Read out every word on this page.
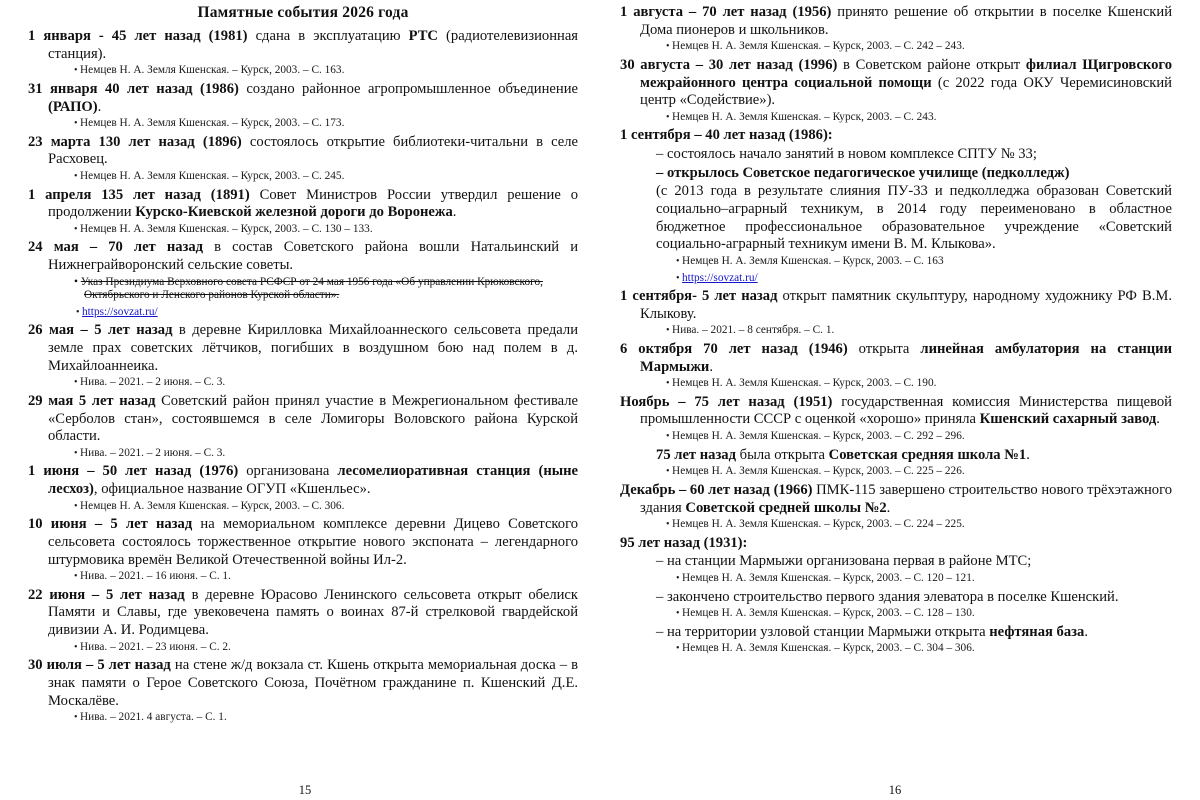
Памятные события 2026 года

1 января - 45 лет назад (1981) сдана в эксплуатацию РТС (радиотелевизионная станция).

• Немцев Н. А. Земля Кшенская. – Курск, 2003. – С. 163.

31 января 40 лет назад (1986) создано районное агропромышленное объединение (РАПО).

• Немцев Н. А. Земля Кшенская. – Курск, 2003. – С. 173.

23 марта 130 лет назад (1896) состоялось открытие библиотеки-читальни в селе Расховец.

• Немцев Н. А. Земля Кшенская. – Курск, 2003. – С. 245.

1 апреля 135 лет назад (1891) Совет Министров России утвердил решение о продолжении Курско-Киевской железной дороги до Воронежа.

• Немцев Н. А. Земля Кшенская. – Курск, 2003. – С. 130 – 133.

24 мая – 70 лет назад в состав Советского района вошли Натальинский и Нижнеграйворонский сельские советы.

• Указ Президиума Верховного совета РСФСР от 24 мая 1956 года «Об управлении Крюковского, Октябрьского и Ленского районов Курской области».

• https://sovzat.ru/

26 мая – 5 лет назад в деревне Кирилловка Михайлоаннеского сельсовета предали земле прах советских лётчиков, погибших в воздушном бою над полем в д. Михайлоаннеика.

• Нива. – 2021. – 2 июня. – С. 3.

29 мая 5 лет назад Советский район принял участие в Межрегиональном фестивале «Серболов стан», состоявшемся в селе Ломигоры Воловского района Курской области.

• Нива. – 2021. – 2 июня. – С. 3.

1 июня – 50 лет назад (1976) организована лесомелиоративная станция (ныне лесхоз), официальное название ОГУП «Кшенльес».

• Немцев Н. А. Земля Кшенская. – Курск, 2003. – С. 306.

10 июня – 5 лет назад на мемориальном комплексе деревни Дицево Советского сельсовета состоялось торжественное открытие нового экспоната – легендарного штурмовика времён Великой Отечественной войны Ил-2.

• Нива. – 2021. – 16 июня. – С. 1.

22 июня – 5 лет назад в деревне Юрасово Ленинского сельсовета открыт обелиск Памяти и Славы, где увековечена память о воинах 87-й стрелковой гвардейской дивизии А. И. Родимцева.

• Нива. – 2021. – 23 июня. – С. 2.

30 июля – 5 лет назад на стене ж/д вокзала ст. Кшень открыта мемориальная доска – в знак памяти о Герое Советского Союза, Почётном гражданине п. Кшенский Д.Е. Москалёве.

• Нива. – 2021. 4 августа. – С. 1.

15

1 августа – 70 лет назад (1956) принято решение об открытии в поселке Кшенский Дома пионеров и школьников.

• Немцев Н. А. Земля Кшенская. – Курск, 2003. – С. 242 – 243.

30 августа – 30 лет назад (1996) в Советском районе открыт филиал Щигровского межрайонного центра социальной помощи (с 2022 года ОКУ Черемисиновский центр «Содействие»).

• Немцев Н. А. Земля Кшенская. – Курск, 2003. – С. 243.

1 сентября – 40 лет назад (1986):

– состоялось начало занятий в новом комплексе СПТУ № 33;

– открылось Советское педагогическое училище (педколледж)

(с 2013 года в результате слияния ПУ-33 и педколледжа образован Советский социально–аграрный техникум, в 2014 году переименовано в областное бюджетное профессиональное образовательное учреждение «Советский социально-аграрный техникум имени В. М. Клыкова».

• Немцев Н. А. Земля Кшенская. – Курск, 2003. – С. 163

• https://sovzat.ru/

1 сентября- 5 лет назад открыт памятник скульптуру, народному художнику РФ В.М. Клыкову.

• Нива. – 2021. – 8 сентября. – С. 1.

6 октября 70 лет назад (1946) открыта линейная амбулатория на станции Мармыжи.

• Немцев Н. А. Земля Кшенская. – Курск, 2003. – С. 190.

Ноябрь – 75 лет назад (1951) государственная комиссия Министерства пищевой промышленности СССР с оценкой «хорошо» приняла Кшенский сахарный завод.

• Немцев Н. А. Земля Кшенская. – Курск, 2003. – С. 292 – 296.

75 лет назад была открыта Советская средняя школа №1.

• Немцев Н. А. Земля Кшенская. – Курск, 2003. – С. 225 – 226.

Декабрь – 60 лет назад (1966) ПМК-115 завершено строительство нового трёхэтажного здания Советской средней школы №2.

• Немцев Н. А. Земля Кшенская. – Курск, 2003. – С. 224 – 225.

95 лет назад (1931):

– на станции Мармыжи организована первая в районе МТС;

• Немцев Н. А. Земля Кшенская. – Курск, 2003. – С. 120 – 121.

– закончено строительство первого здания элеватора в поселке Кшенский.

• Немцев Н. А. Земля Кшенская. – Курск, 2003. – С. 128 – 130.

– на территории узловой станции Мармыжи открыта нефтяная база.

• Немцев Н. А. Земля Кшенская. – Курск, 2003. – С. 304 – 306.

16
